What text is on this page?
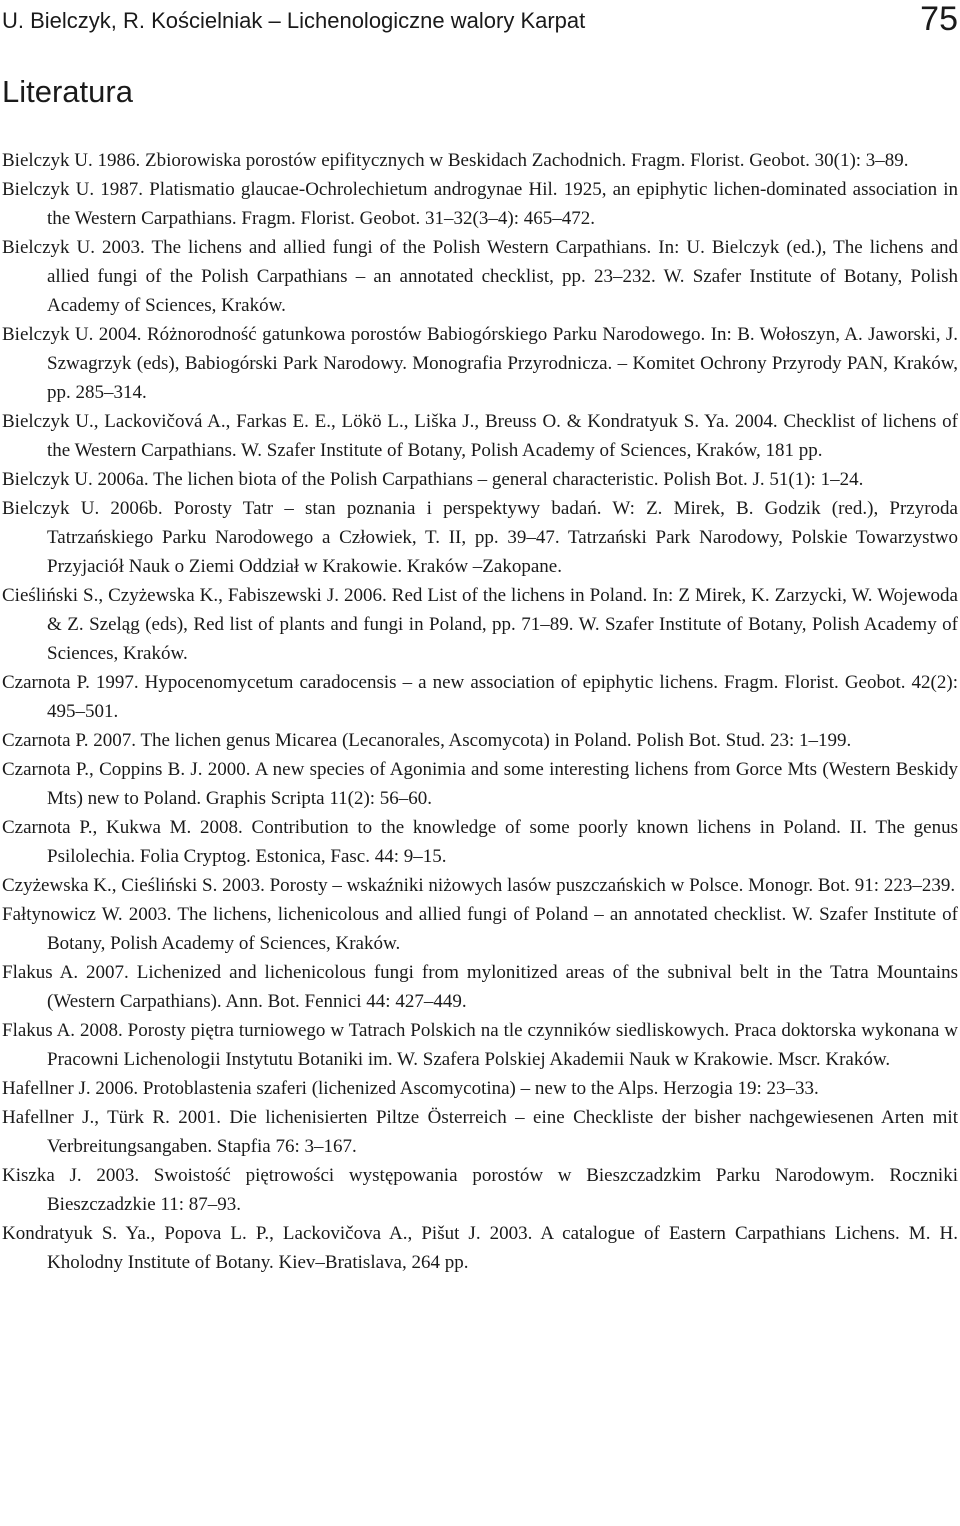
U. Bielczyk, R. Kościelniak – Lichenologiczne walory Karpat	75
Literatura
Bielczyk U. 1986. Zbiorowiska porostów epifitycznych w Beskidach Zachodnich. Fragm. Florist. Geobot. 30(1): 3–89.
Bielczyk U. 1987. Platismatio glaucae-Ochrolechietum androgynae Hil. 1925, an epiphytic lichen-dominated association in the Western Carpathians. Fragm. Florist. Geobot. 31–32(3–4): 465–472.
Bielczyk U. 2003. The lichens and allied fungi of the Polish Western Carpathians. In: U. Bielczyk (ed.), The lichens and allied fungi of the Polish Carpathians – an annotated checklist, pp. 23–232. W. Szafer Institute of Botany, Polish Academy of Sciences, Kraków.
Bielczyk U. 2004. Różnorodność gatunkowa porostów Babiogórskiego Parku Narodowego. In: B. Wołoszyn, A. Jaworski, J. Szwagrzyk (eds), Babiogórski Park Narodowy. Monografia Przyrodnicza. – Komitet Ochrony Przyrody PAN, Kraków, pp. 285–314.
Bielczyk U., Lackovičová A., Farkas E. E., Lökö L., Liška J., Breuss O. & Kondratyuk S. Ya. 2004. Checklist of lichens of the Western Carpathians. W. Szafer Institute of Botany, Polish Academy of Sciences, Kraków, 181 pp.
Bielczyk U. 2006a. The lichen biota of the Polish Carpathians – general characteristic. Polish Bot. J. 51(1): 1–24.
Bielczyk U. 2006b. Porosty Tatr – stan poznania i perspektywy badań. W: Z. Mirek, B. Godzik (red.), Przyroda Tatrzańskiego Parku Narodowego a Człowiek, T. II, pp. 39–47. Tatrzański Park Narodowy, Polskie Towarzystwo Przyjaciół Nauk o Ziemi Oddział w Krakowie. Kraków –Zakopane.
Cieśliński S., Czyżewska K., Fabiszewski J. 2006. Red List of the lichens in Poland. In: Z Mirek, K. Zarzycki, W. Wojewoda & Z. Szeląg (eds), Red list of plants and fungi in Poland, pp. 71–89. W. Szafer Institute of Botany, Polish Academy of Sciences, Kraków.
Czarnota P. 1997. Hypocenomycetum caradocensis – a new association of epiphytic lichens. Fragm. Florist. Geobot. 42(2): 495–501.
Czarnota P. 2007. The lichen genus Micarea (Lecanorales, Ascomycota) in Poland. Polish Bot. Stud. 23: 1–199.
Czarnota P., Coppins B. J. 2000. A new species of Agonimia and some interesting lichens from Gorce Mts (Western Beskidy Mts) new to Poland. Graphis Scripta 11(2): 56–60.
Czarnota P., Kukwa M. 2008. Contribution to the knowledge of some poorly known lichens in Poland. II. The genus Psilolechia. Folia Cryptog. Estonica, Fasc. 44: 9–15.
Czyżewska K., Cieśliński S. 2003. Porosty – wskaźniki niżowych lasów puszczańskich w Polsce. Monogr. Bot. 91: 223–239.
Fałtynowicz W. 2003. The lichens, lichenicolous and allied fungi of Poland – an annotated checklist. W. Szafer Institute of Botany, Polish Academy of Sciences, Kraków.
Flakus A. 2007. Lichenized and lichenicolous fungi from mylonitized areas of the subnival belt in the Tatra Mountains (Western Carpathians). Ann. Bot. Fennici 44: 427–449.
Flakus A. 2008. Porosty piętra turniowego w Tatrach Polskich na tle czynników siedliskowych. Praca doktorska wykonana w Pracowni Lichenologii Instytutu Botaniki im. W. Szafera Polskiej Akademii Nauk w Krakowie. Mscr. Kraków.
Hafellner J. 2006. Protoblastenia szaferi (lichenized Ascomycotina) – new to the Alps. Herzogia 19: 23–33.
Hafellner J., Türk R. 2001. Die lichenisierten Piltze Österreich – eine Checkliste der bisher nachgewiesenen Arten mit Verbreitungsangaben. Stapfia 76: 3–167.
Kiszka J. 2003. Swoistość piętrowości występowania porostów w Bieszczadzkim Parku Narodowym. Roczniki Bieszczadzkie 11: 87–93.
Kondratyuk S. Ya., Popova L. P., Lackovičova A., Pišut J. 2003. A catalogue of Eastern Carpathians Lichens. M. H. Kholodny Institute of Botany. Kiev–Bratislava, 264 pp.
